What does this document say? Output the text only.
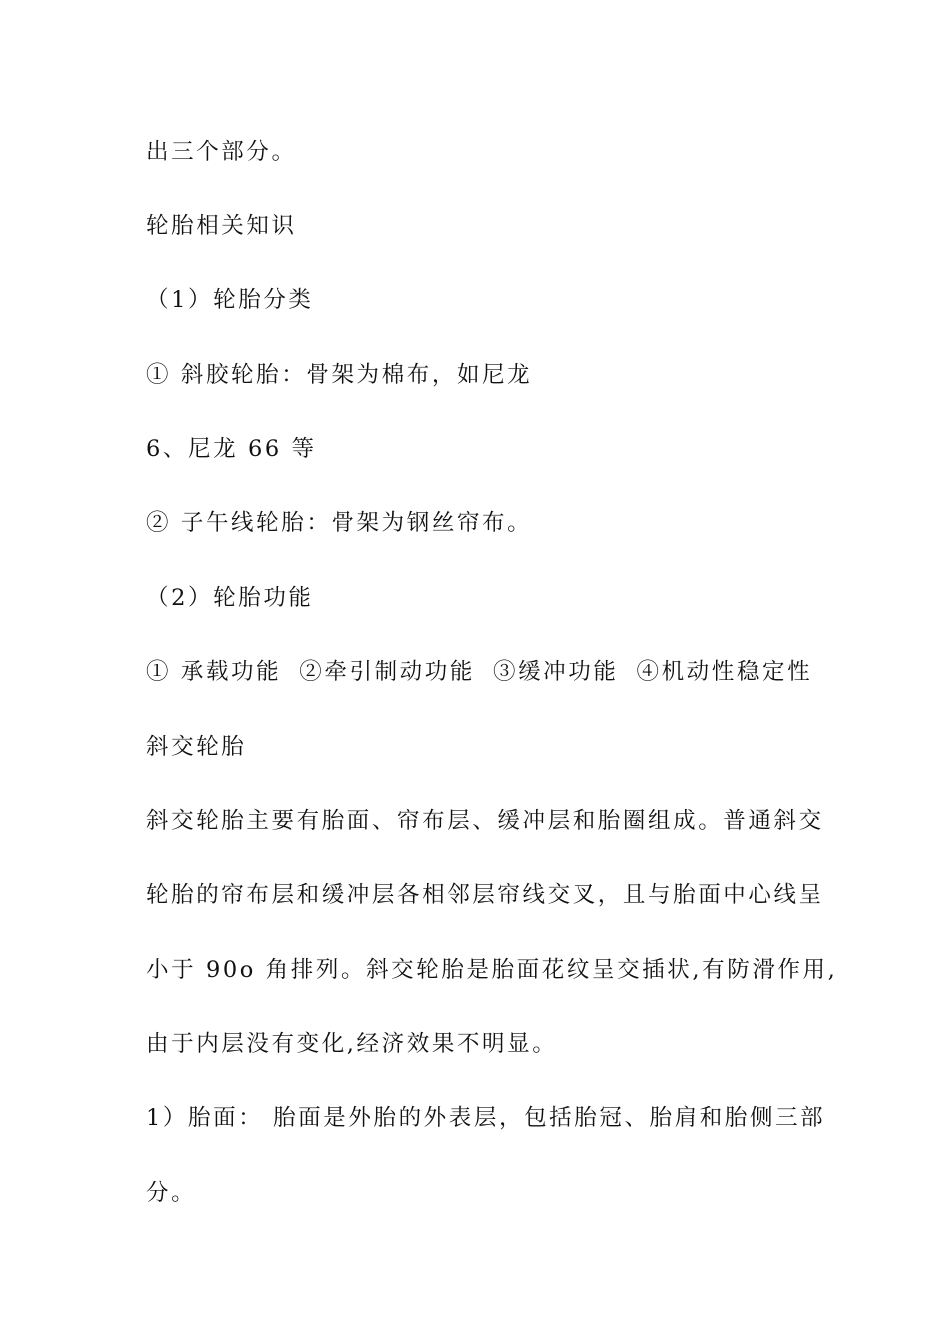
出三个部分。

轮胎相关知识

（1）轮胎分类

① 斜胶轮胎：骨架为棉布，如尼龙

6、尼龙 66 等

② 子午线轮胎：骨架为钢丝帘布。

（2）轮胎功能

① 承载功能 ②牵引制动功能 ③缓冲功能 ④机动性稳定性

斜交轮胎

斜交轮胎主要有胎面、帘布层、缓冲层和胎圈组成。普通斜交

轮胎的帘布层和缓冲层各相邻层帘线交叉，且与胎面中心线呈

小于 90o 角排列。斜交轮胎是胎面花纹呈交插状,有防滑作用,

由于内层没有变化,经济效果不明显。

1）胎面： 胎面是外胎的外表层，包括胎冠、胎肩和胎侧三部

分。
